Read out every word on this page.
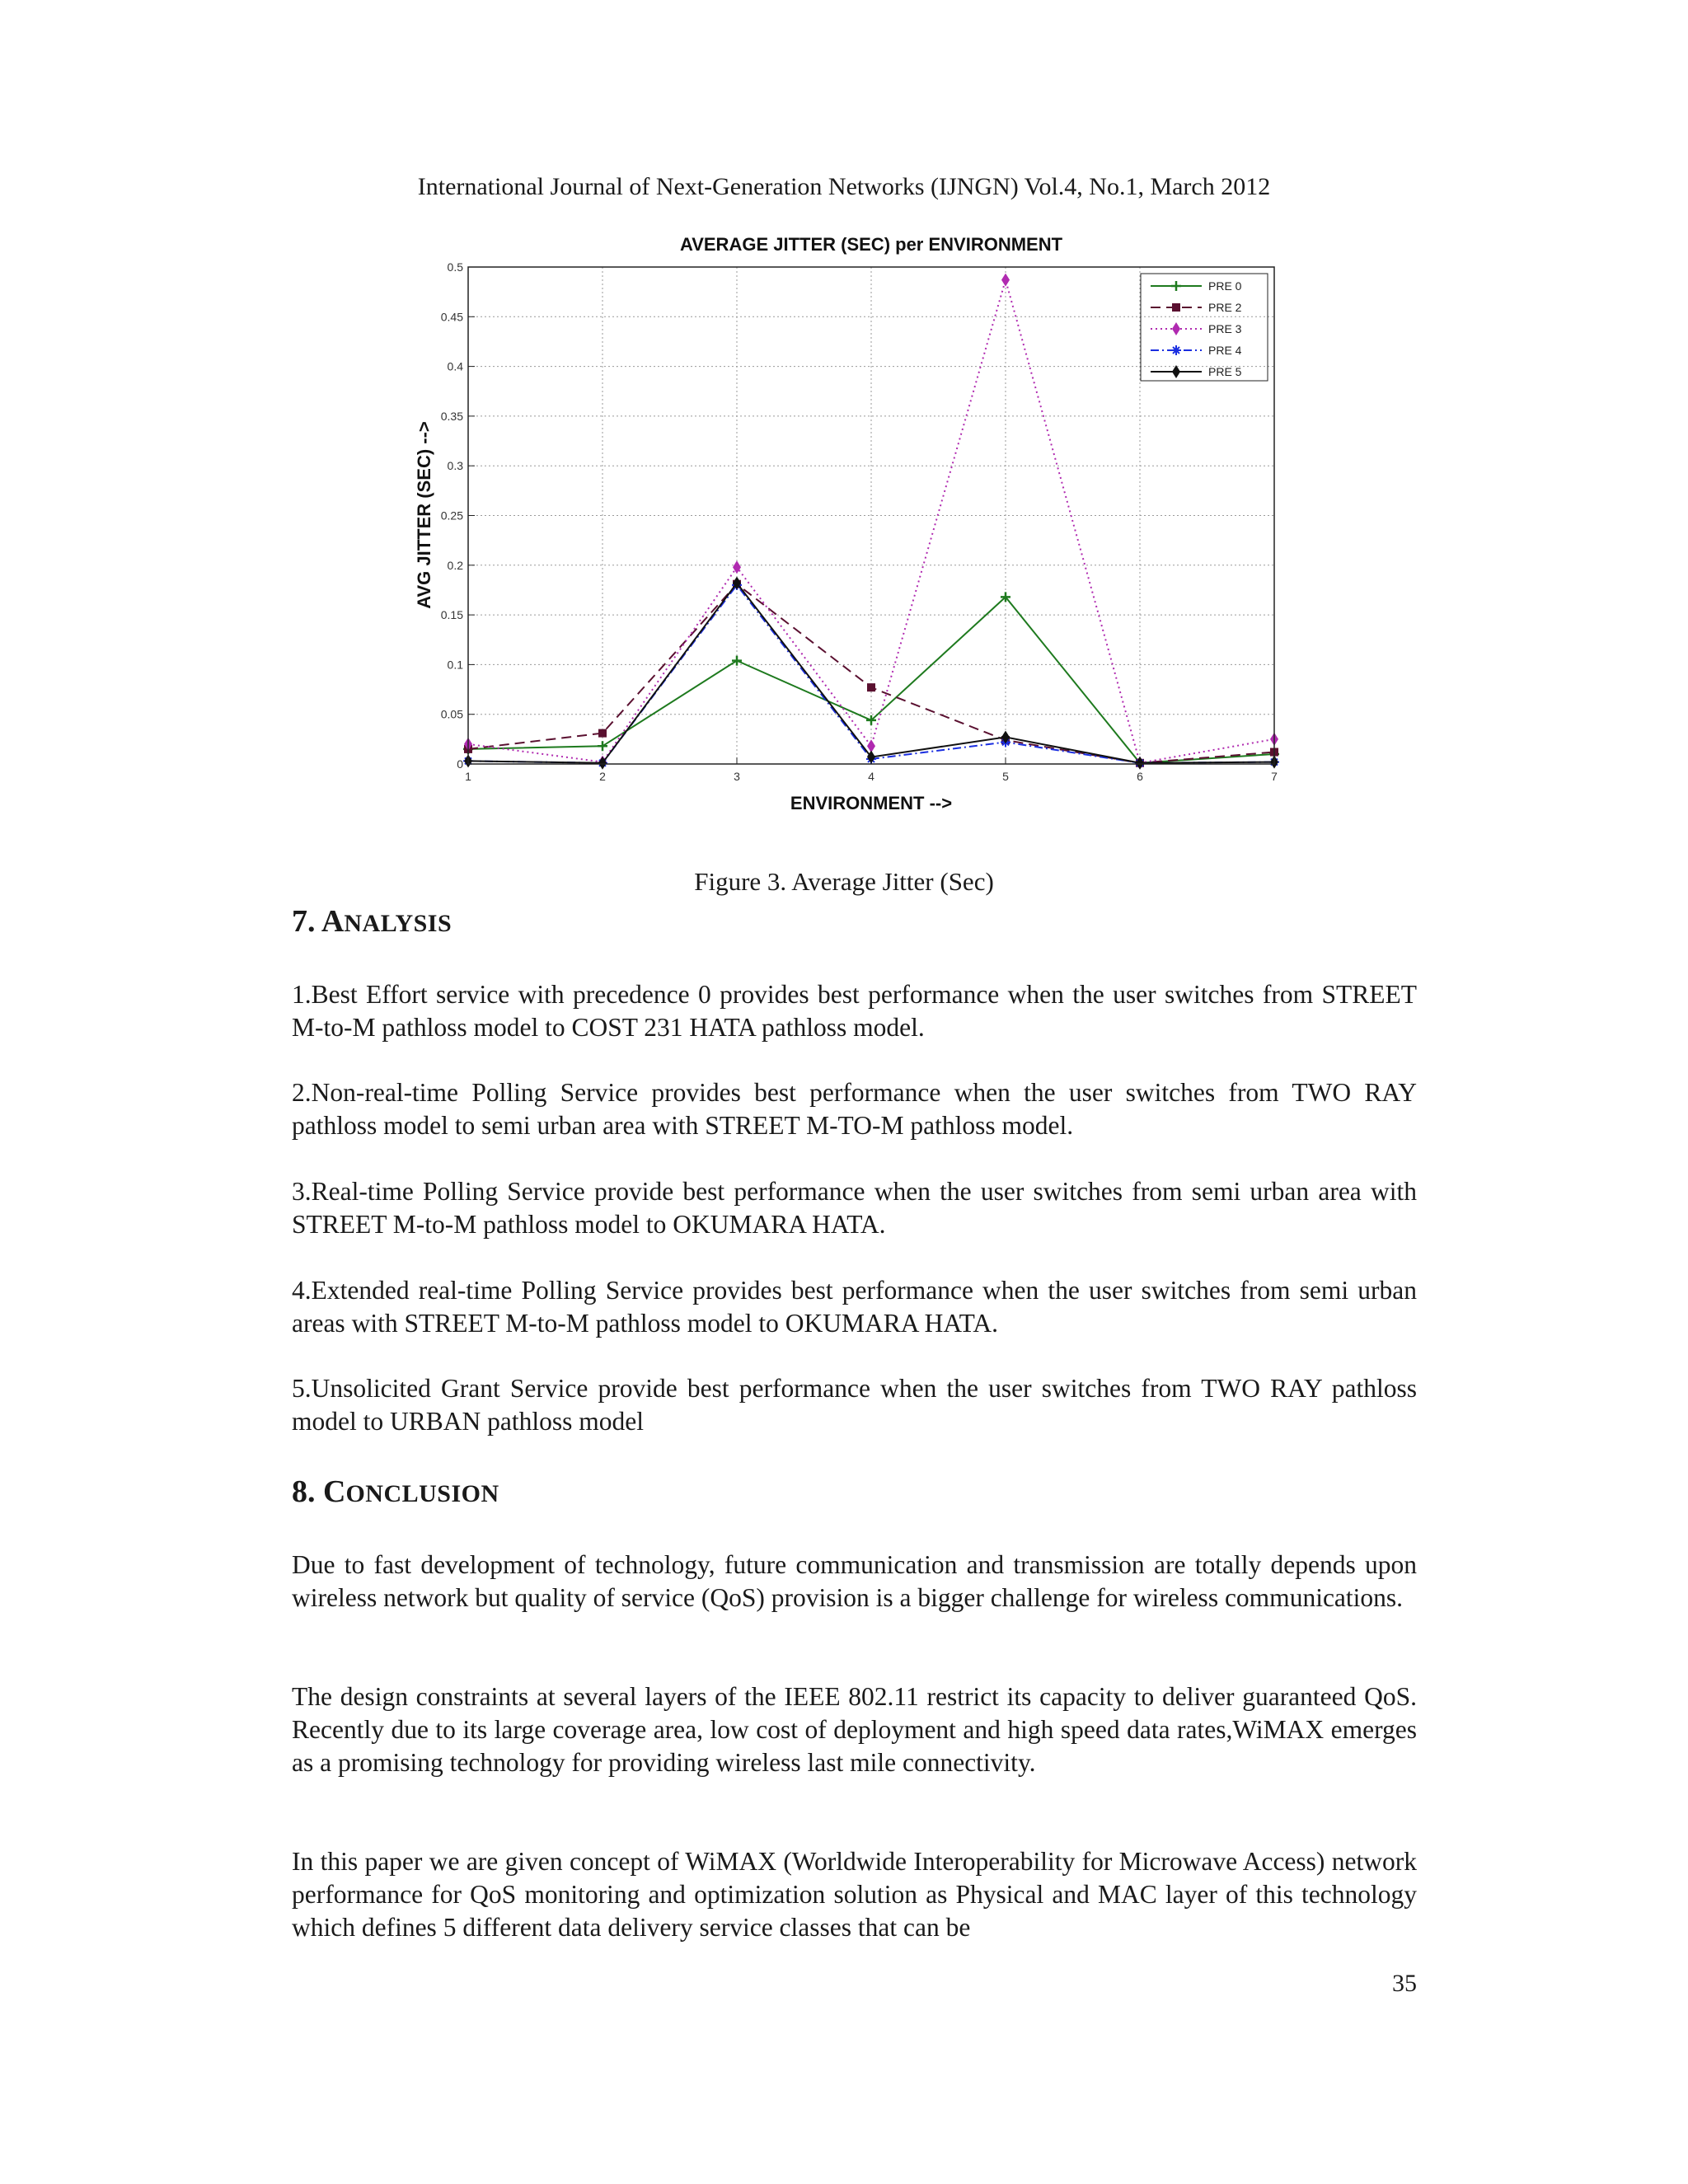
International Journal of Next-Generation Networks (IJNGN) Vol.4, No.1, March 2012
0
0.05
0.1
0.15
0.2
0.25
0.3
0.35
0.4
0.45
0.5
1	2	3	4	5	6	7
AVERAGE JITTER (SEC) per ENVIRONMENT
ENVIRONMENT -->
AVG JITTER (SEC) -->
PRE 0
PRE 2
PRE 3
PRE 4
PRE 5
Figure 3. Average Jitter (Sec)
7. ANALYSIS

1.Best Effort service with precedence 0 provides best performance when the user switches from STREET M-to-M pathloss model to COST 231 HATA pathloss model.

2.Non-real-time Polling Service provides best performance when the user switches from TWO RAY pathloss model to semi urban area with STREET M-TO-M pathloss model.

3.Real-time Polling Service provide best performance when the user switches from semi urban area with STREET M-to-M pathloss model to OKUMARA HATA.

4.Extended real-time Polling Service provides best performance when the user switches from semi urban areas with STREET M-to-M pathloss model to OKUMARA HATA.

5.Unsolicited Grant Service provide best performance when the user switches from TWO RAY pathloss model to URBAN pathloss model

8. CONCLUSION

Due to fast development of technology, future communication and transmission are totally depends upon wireless network but quality of service (QoS) provision is a bigger challenge for wireless communications.

The design constraints at several layers of the IEEE 802.11 restrict its capacity to deliver guaranteed QoS. Recently due to its large coverage area, low cost of deployment and high speed data rates,WiMAX emerges as a promising technology for providing wireless last mile connectivity.

In this paper we are given concept of WiMAX (Worldwide Interoperability for Microwave Access) network performance for QoS monitoring and optimization solution as Physical and MAC layer of this technology which defines 5 different data delivery service classes that can be

35
